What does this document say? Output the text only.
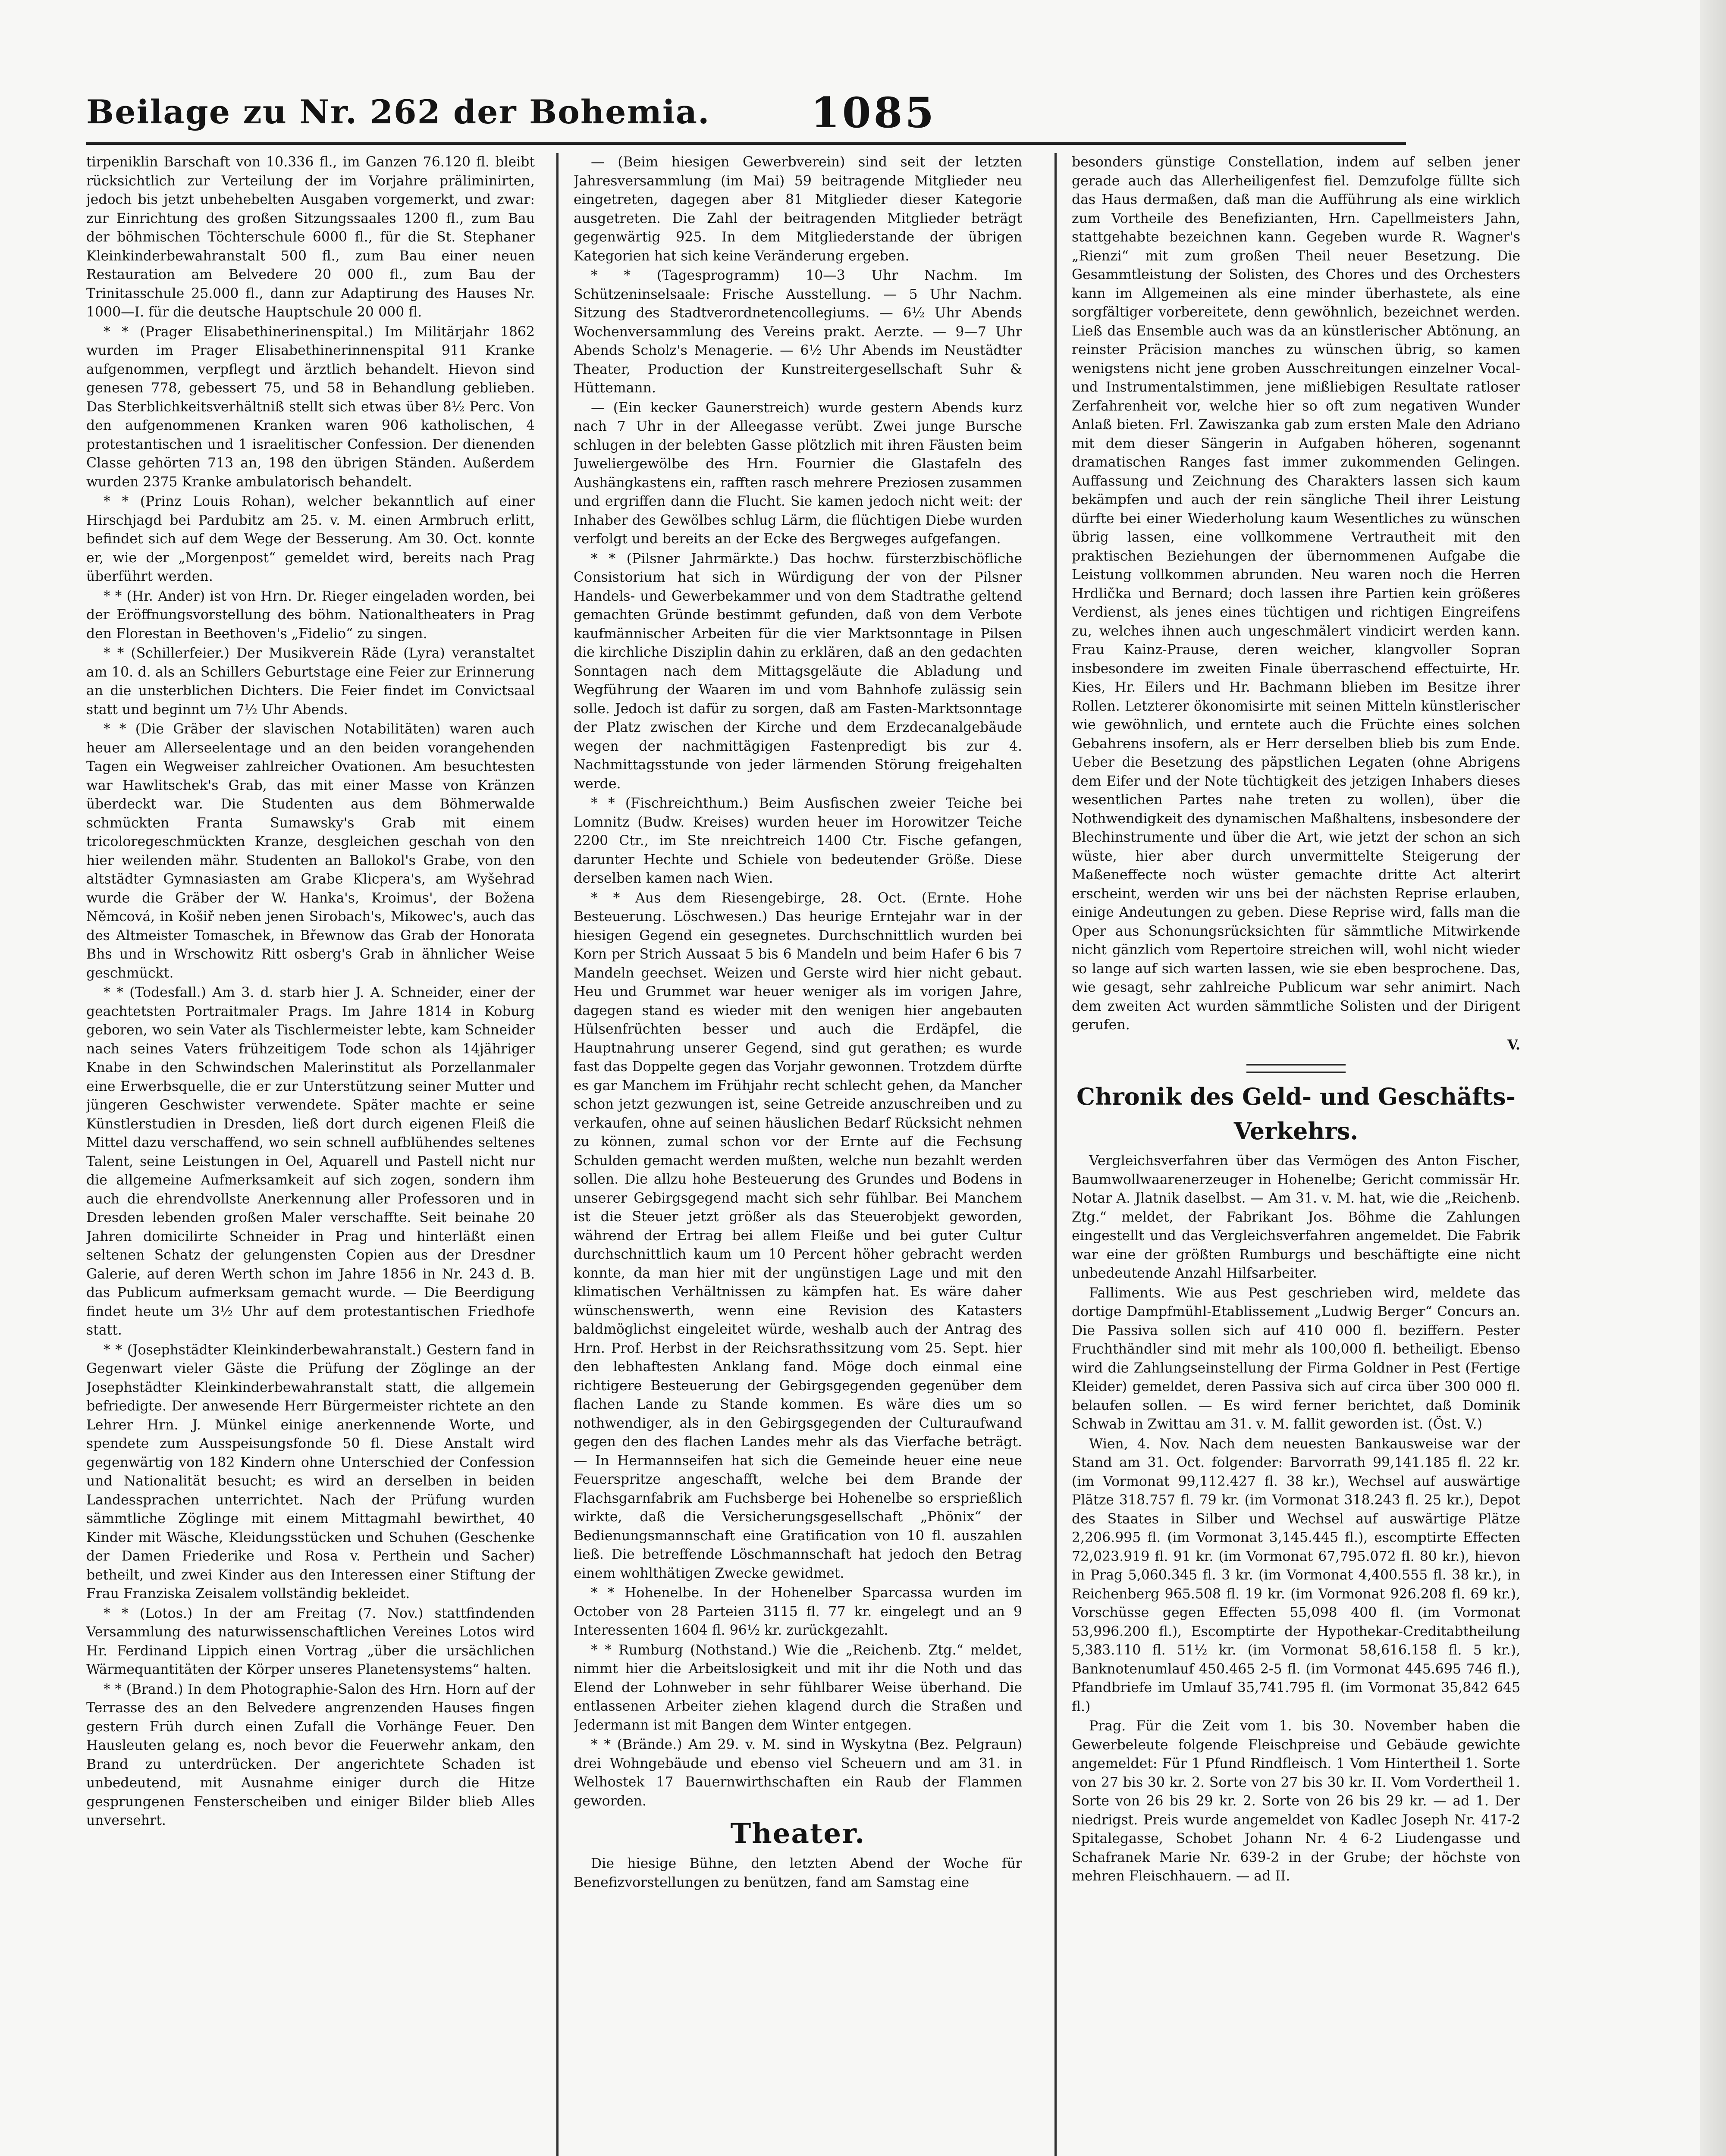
Beilage zu Nr. 262 der Bohemia. 1085

tirpeniklin Barschaft von 10.336 fl., im Ganzen 76.120 fl. bleibt rücksichtlich zur Verteilung der im Vorjahre präliminirten, jedoch bis jetzt unbehebelten Ausgaben vorgemerkt, und zwar: zur Einrichtung des großen Sitzungssaales 1200 fl., zum Bau der böhmischen Töchterschule 6000 fl., für die St. Stephaner Kleinkinderbewahranstalt 500 fl., zum Bau einer neuen Restauration am Belvedere 20 000 fl., zum Bau der Trinitasschule 25.000 fl., dann zur Adaptirung des Hauses Nr. 1000—I. für die deutsche Hauptschule 20 000 fl.

* * (Prager Elisabethinerinenspital.) Im Militärjahr 1862 wurden im Prager Elisabethinerinnenspital 911 Kranke aufgenommen, verpflegt und ärztlich behandelt. Hievon sind genesen 778, gebessert 75, und 58 in Behandlung geblieben. Das Sterblichkeitsverhältniß stellt sich etwas über 8½ Perc. Von den aufgenommenen Kranken waren 906 katholischen, 4 protestantischen und 1 israelitischer Confession. Der dienenden Classe gehörten 713 an, 198 den übrigen Ständen. Außerdem wurden 2375 Kranke ambulatorisch behandelt.

* * (Prinz Louis Rohan), welcher bekanntlich auf einer Hirschjagd bei Pardubitz am 25. v. M. einen Armbruch erlitt, befindet sich auf dem Wege der Besserung. Am 30. Oct. konnte er, wie der „Morgenpost“ gemeldet wird, bereits nach Prag überführt werden.

* * (Hr. Ander) ist von Hrn. Dr. Rieger eingeladen worden, bei der Eröffnungsvorstellung des böhm. Nationaltheaters in Prag den Florestan in Beethoven's „Fidelio“ zu singen.

* * (Schillerfeier.) Der Musikverein Räde (Lyra) veranstaltet am 10. d. als an Schillers Geburtstage eine Feier zur Erinnerung an die unsterblichen Dichters. Die Feier findet im Convictsaal statt und beginnt um 7½ Uhr Abends.

* * (Die Gräber der slavischen Notabilitäten) waren auch heuer am Allerseelentage und an den beiden vorangehenden Tagen ein Wegweiser zahlreicher Ovationen. Am besuchtesten war Hawlitschek's Grab, das mit einer Masse von Kränzen überdeckt war. Die Studenten aus dem Böhmerwalde schmückten Franta Sumawsky's Grab mit einem tricoloregeschmückten Kranze, desgleichen geschah von den hier weilenden mähr. Studenten an Ballokol's Grabe, von den altstädter Gymnasiasten am Grabe Klicpera's, am Wyšehrad wurde die Gräber der W. Hanka's, Kroimus', der Božena Němcová, in Košiř neben jenen Sirobach's, Mikowec's, auch das des Altmeister Tomaschek, in Břewnow das Grab der Honorata Bhs und in Wrschowitz Ritt osberg's Grab in ähnlicher Weise geschmückt.

* * (Todesfall.) Am 3. d. starb hier J. A. Schneider, einer der geachtetsten Portraitmaler Prags. Im Jahre 1814 in Koburg geboren, wo sein Vater als Tischlermeister lebte, kam Schneider nach seines Vaters frühzeitigem Tode schon als 14jähriger Knabe in den Schwindschen Malerinstitut als Porzellanmaler eine Erwerbsquelle, die er zur Unterstützung seiner Mutter und jüngeren Geschwister verwendete. Später machte er seine Künstlerstudien in Dresden, ließ dort durch eigenen Fleiß die Mittel dazu verschaffend, wo sein schnell aufblühendes seltenes Talent, seine Leistungen in Oel, Aquarell und Pastell nicht nur die allgemeine Aufmerksamkeit auf sich zogen, sondern ihm auch die ehrendvollste Anerkennung aller Professoren und in Dresden lebenden großen Maler verschaffte. Seit beinahe 20 Jahren domicilirte Schneider in Prag und hinterläßt einen seltenen Schatz der gelungensten Copien aus der Dresdner Galerie, auf deren Werth schon im Jahre 1856 in Nr. 243 d. B. das Publicum aufmerksam gemacht wurde. — Die Beerdigung findet heute um 3½ Uhr auf dem protestantischen Friedhofe statt.

* * (Josephstädter Kleinkinderbewahranstalt.) Gestern fand in Gegenwart vieler Gäste die Prüfung der Zöglinge an der Josephstädter Kleinkinderbewahranstalt statt, die allgemein befriedigte. Der anwesende Herr Bürgermeister richtete an den Lehrer Hrn. J. Münkel einige anerkennende Worte, und spendete zum Ausspeisungsfonde 50 fl. Diese Anstalt wird gegenwärtig von 182 Kindern ohne Unterschied der Confession und Nationalität besucht; es wird an derselben in beiden Landessprachen unterrichtet. Nach der Prüfung wurden sämmtliche Zöglinge mit einem Mittagmahl bewirthet, 40 Kinder mit Wäsche, Kleidungsstücken und Schuhen (Geschenke der Damen Friederike und Rosa v. Perthein und Sacher) betheilt, und zwei Kinder aus den Interessen einer Stiftung der Frau Franziska Zeisalem vollständig bekleidet.

* * (Lotos.) In der am Freitag (7. Nov.) stattfindenden Versammlung des naturwissenschaftlichen Vereines Lotos wird Hr. Ferdinand Lippich einen Vortrag „über die ursächlichen Wärmequantitäten der Körper unseres Planetensystems“ halten.

* * (Brand.) In dem Photographie-Salon des Hrn. Horn auf der Terrasse des an den Belvedere angrenzenden Hauses fingen gestern Früh durch einen Zufall die Vorhänge Feuer. Den Hausleuten gelang es, noch bevor die Feuerwehr ankam, den Brand zu unterdrücken. Der angerichtete Schaden ist unbedeutend, mit Ausnahme einiger durch die Hitze gesprungenen Fensterscheiben und einiger Bilder blieb Alles unversehrt.

— (Beim hiesigen Gewerbverein) sind seit der letzten Jahresversammlung (im Mai) 59 beitragende Mitglieder neu eingetreten, dagegen aber 81 Mitglieder dieser Kategorie ausgetreten. Die Zahl der beitragenden Mitglieder beträgt gegenwärtig 925. In dem Mitgliederstande der übrigen Kategorien hat sich keine Veränderung ergeben.

* * (Tagesprogramm) 10—3 Uhr Nachm. Im Schützeninselsaale: Frische Ausstellung. — 5 Uhr Nachm. Sitzung des Stadtverordnetencollegiums. — 6½ Uhr Abends Wochenversammlung des Vereins prakt. Aerzte. — 9—7 Uhr Abends Scholz's Menagerie. — 6½ Uhr Abends im Neustädter Theater, Production der Kunstreitergesellschaft Suhr & Hüttemann.

— (Ein kecker Gaunerstreich) wurde gestern Abends kurz nach 7 Uhr in der Alleegasse verübt. Zwei junge Bursche schlugen in der belebten Gasse plötzlich mit ihren Fäusten beim Juweliergewölbe des Hrn. Fournier die Glastafeln des Aushängkastens ein, rafften rasch mehrere Preziosen zusammen und ergriffen dann die Flucht. Sie kamen jedoch nicht weit: der Inhaber des Gewölbes schlug Lärm, die flüchtigen Diebe wurden verfolgt und bereits an der Ecke des Bergweges aufgefangen.

* * (Pilsner Jahrmärkte.) Das hochw. fürsterzbischöfliche Consistorium hat sich in Würdigung der von der Pilsner Handels- und Gewerbekammer und von dem Stadtrathe geltend gemachten Gründe bestimmt gefunden, daß von dem Verbote kaufmännischer Arbeiten für die vier Marktsonntage in Pilsen die kirchliche Disziplin dahin zu erklären, daß an den gedachten Sonntagen nach dem Mittagsgeläute die Abladung und Wegführung der Waaren im und vom Bahnhofe zulässig sein solle. Jedoch ist dafür zu sorgen, daß am Fasten-Marktsonntage der Platz zwischen der Kirche und dem Erzdecanalgebäude wegen der nachmittägigen Fastenpredigt bis zur 4. Nachmittagsstunde von jeder lärmenden Störung freigehalten werde.

* * (Fischreichthum.) Beim Ausfischen zweier Teiche bei Lomnitz (Budw. Kreises) wurden heuer im Horowitzer Teiche 2200 Ctr., im Ste nreichtreich 1400 Ctr. Fische gefangen, darunter Hechte und Schiele von bedeutender Größe. Diese derselben kamen nach Wien.

* * Aus dem Riesengebirge, 28. Oct. (Ernte. Hohe Besteuerung. Löschwesen.) Das heurige Erntejahr war in der hiesigen Gegend ein gesegnetes. Durchschnittlich wurden bei Korn per Strich Aussaat 5 bis 6 Mandeln und beim Hafer 6 bis 7 Mandeln geechset. Weizen und Gerste wird hier nicht gebaut. Heu und Grummet war heuer weniger als im vorigen Jahre, dagegen stand es wieder mit den wenigen hier angebauten Hülsenfrüchten besser und auch die Erdäpfel, die Hauptnahrung unserer Gegend, sind gut gerathen; es wurde fast das Doppelte gegen das Vorjahr gewonnen. Trotzdem dürfte es gar Manchem im Frühjahr recht schlecht gehen, da Mancher schon jetzt gezwungen ist, seine Getreide anzuschreiben und zu verkaufen, ohne auf seinen häuslichen Bedarf Rücksicht nehmen zu können, zumal schon vor der Ernte auf die Fechsung Schulden gemacht werden mußten, welche nun bezahlt werden sollen. Die allzu hohe Besteuerung des Grundes und Bodens in unserer Gebirgsgegend macht sich sehr fühlbar. Bei Manchem ist die Steuer jetzt größer als das Steuerobjekt geworden, während der Ertrag bei allem Fleiße und bei guter Cultur durchschnittlich kaum um 10 Percent höher gebracht werden konnte, da man hier mit der ungünstigen Lage und mit den klimatischen Verhältnissen zu kämpfen hat. Es wäre daher wünschenswerth, wenn eine Revision des Katasters baldmöglichst eingeleitet würde, weshalb auch der Antrag des Hrn. Prof. Herbst in der Reichsrathssitzung vom 25. Sept. hier den lebhaftesten Anklang fand. Möge doch einmal eine richtigere Besteuerung der Gebirgsgegenden gegenüber dem flachen Lande zu Stande kommen. Es wäre dies um so nothwendiger, als in den Gebirgsgegenden der Culturaufwand gegen den des flachen Landes mehr als das Vierfache beträgt. — In Hermannseifen hat sich die Gemeinde heuer eine neue Feuerspritze angeschafft, welche bei dem Brande der Flachsgarnfabrik am Fuchsberge bei Hohenelbe so ersprießlich wirkte, daß die Versicherungsgesellschaft „Phönix“ der Bedienungsmannschaft eine Gratification von 10 fl. auszahlen ließ. Die betreffende Löschmannschaft hat jedoch den Betrag einem wohlthätigen Zwecke gewidmet.

* * Hohenelbe. In der Hohenelber Sparcassa wurden im October von 28 Parteien 3115 fl. 77 kr. eingelegt und an 9 Interessenten 1604 fl. 96½ kr. zurückgezahlt.

* * Rumburg (Nothstand.) Wie die „Reichenb. Ztg.“ meldet, nimmt hier die Arbeitslosigkeit und mit ihr die Noth und das Elend der Lohnweber in sehr fühlbarer Weise überhand. Die entlassenen Arbeiter ziehen klagend durch die Straßen und Jedermann ist mit Bangen dem Winter entgegen.

* * (Brände.) Am 29. v. M. sind in Wyskytna (Bez. Pelgraun) drei Wohngebäude und ebenso viel Scheuern und am 31. in Welhostek 17 Bauernwirthschaften ein Raub der Flammen geworden.

Theater.

Die hiesige Bühne, den letzten Abend der Woche für Benefizvorstellungen zu benützen, fand am Samstag eine

besonders günstige Constellation, indem auf selben jener gerade auch das Allerheiligenfest fiel. Demzufolge füllte sich das Haus dermaßen, daß man die Aufführung als eine wirklich zum Vortheile des Benefizianten, Hrn. Capellmeisters Jahn, stattgehabte bezeichnen kann. Gegeben wurde R. Wagner's „Rienzi“ mit zum großen Theil neuer Besetzung. Die Gesammtleistung der Solisten, des Chores und des Orchesters kann im Allgemeinen als eine minder überhastete, als eine sorgfältiger vorbereitete, denn gewöhnlich, bezeichnet werden. Ließ das Ensemble auch was da an künstlerischer Abtönung, an reinster Präcision manches zu wünschen übrig, so kamen wenigstens nicht jene groben Ausschreitungen einzelner Vocal- und Instrumentalstimmen, jene mißliebigen Resultate ratloser Zerfahrenheit vor, welche hier so oft zum negativen Wunder Anlaß bieten. Frl. Zawiszanka gab zum ersten Male den Adriano mit dem dieser Sängerin in Aufgaben höheren, sogenannt dramatischen Ranges fast immer zukommenden Gelingen. Auffassung und Zeichnung des Charakters lassen sich kaum bekämpfen und auch der rein sängliche Theil ihrer Leistung dürfte bei einer Wiederholung kaum Wesentliches zu wünschen übrig lassen, eine vollkommene Vertrautheit mit den praktischen Beziehungen der übernommenen Aufgabe die Leistung vollkommen abrunden. Neu waren noch die Herren Hrdlička und Bernard; doch lassen ihre Partien kein größeres Verdienst, als jenes eines tüchtigen und richtigen Eingreifens zu, welches ihnen auch ungeschmälert vindicirt werden kann. Frau Kainz-Prause, deren weicher, klangvoller Sopran insbesondere im zweiten Finale überraschend effectuirte, Hr. Kies, Hr. Eilers und Hr. Bachmann blieben im Besitze ihrer Rollen. Letzterer ökonomisirte mit seinen Mitteln künstlerischer wie gewöhnlich, und erntete auch die Früchte eines solchen Gebahrens insofern, als er Herr derselben blieb bis zum Ende. Ueber die Besetzung des päpstlichen Legaten (ohne Abrigens dem Eifer und der Note tüchtigkeit des jetzigen Inhabers dieses wesentlichen Partes nahe treten zu wollen), über die Nothwendigkeit des dynamischen Maßhaltens, insbesondere der Blechinstrumente und über die Art, wie jetzt der schon an sich wüste, hier aber durch unvermittelte Steigerung der Maßeneffecte noch wüster gemachte dritte Act alterirt erscheint, werden wir uns bei der nächsten Reprise erlauben, einige Andeutungen zu geben. Diese Reprise wird, falls man die Oper aus Schonungsrücksichten für sämmtliche Mitwirkende nicht gänzlich vom Repertoire streichen will, wohl nicht wieder so lange auf sich warten lassen, wie sie eben besprochene. Das, wie gesagt, sehr zahlreiche Publicum war sehr animirt. Nach dem zweiten Act wurden sämmtliche Solisten und der Dirigent gerufen.

V.

Chronik des Geld- und Geschäfts-Verkehrs.

Vergleichsverfahren über das Vermögen des Anton Fischer, Baumwollwaarenerzeuger in Hohenelbe; Gericht commissär Hr. Notar A. Jlatnik daselbst. — Am 31. v. M. hat, wie die „Reichenb. Ztg.“ meldet, der Fabrikant Jos. Böhme die Zahlungen eingestellt und das Vergleichsverfahren angemeldet. Die Fabrik war eine der größten Rumburgs und beschäftigte eine nicht unbedeutende Anzahl Hilfsarbeiter.

Falliments. Wie aus Pest geschrieben wird, meldete das dortige Dampfmühl-Etablissement „Ludwig Berger“ Concurs an. Die Passiva sollen sich auf 410 000 fl. beziffern. Pester Fruchthändler sind mit mehr als 100,000 fl. betheiligt. Ebenso wird die Zahlungseinstellung der Firma Goldner in Pest (Fertige Kleider) gemeldet, deren Passiva sich auf circa über 300 000 fl. belaufen sollen. — Es wird ferner berichtet, daß Dominik Schwab in Zwittau am 31. v. M. fallit geworden ist. (Öst. V.)

Wien, 4. Nov. Nach dem neuesten Bankausweise war der Stand am 31. Oct. folgender: Barvorrath 99,141.185 fl. 22 kr. (im Vormonat 99,112.427 fl. 38 kr.), Wechsel auf auswärtige Plätze 318.757 fl. 79 kr. (im Vormonat 318.243 fl. 25 kr.), Depot des Staates in Silber und Wechsel auf auswärtige Plätze 2,206.995 fl. (im Vormonat 3,145.445 fl.), escomptirte Effecten 72,023.919 fl. 91 kr. (im Vormonat 67,795.072 fl. 80 kr.), hievon in Prag 5,060.345 fl. 3 kr. (im Vormonat 4,400.555 fl. 38 kr.), in Reichenberg 965.508 fl. 19 kr. (im Vormonat 926.208 fl. 69 kr.), Vorschüsse gegen Effecten 55,098 400 fl. (im Vormonat 53,996.200 fl.), Escomptirte der Hypothekar-Creditabtheilung 5,383.110 fl. 51½ kr. (im Vormonat 58,616.158 fl. 5 kr.), Banknotenumlauf 450.465 2-5 fl. (im Vormonat 445.695 746 fl.), Pfandbriefe im Umlauf 35,741.795 fl. (im Vormonat 35,842 645 fl.)

Prag. Für die Zeit vom 1. bis 30. November haben die Gewerbeleute folgende Fleischpreise und Gebäude gewichte angemeldet: Für 1 Pfund Rindfleisch. 1 Vom Hintertheil 1. Sorte von 27 bis 30 kr. 2. Sorte von 27 bis 30 kr. II. Vom Vordertheil 1. Sorte von 26 bis 29 kr. 2. Sorte von 26 bis 29 kr. — ad 1. Der niedrigst. Preis wurde angemeldet von Kadlec Joseph Nr. 417-2 Spitalegasse, Schobet Johann Nr. 4 6-2 Liudengasse und Schafranek Marie Nr. 639-2 in der Grube; der höchste von mehren Fleischhauern. — ad II.
